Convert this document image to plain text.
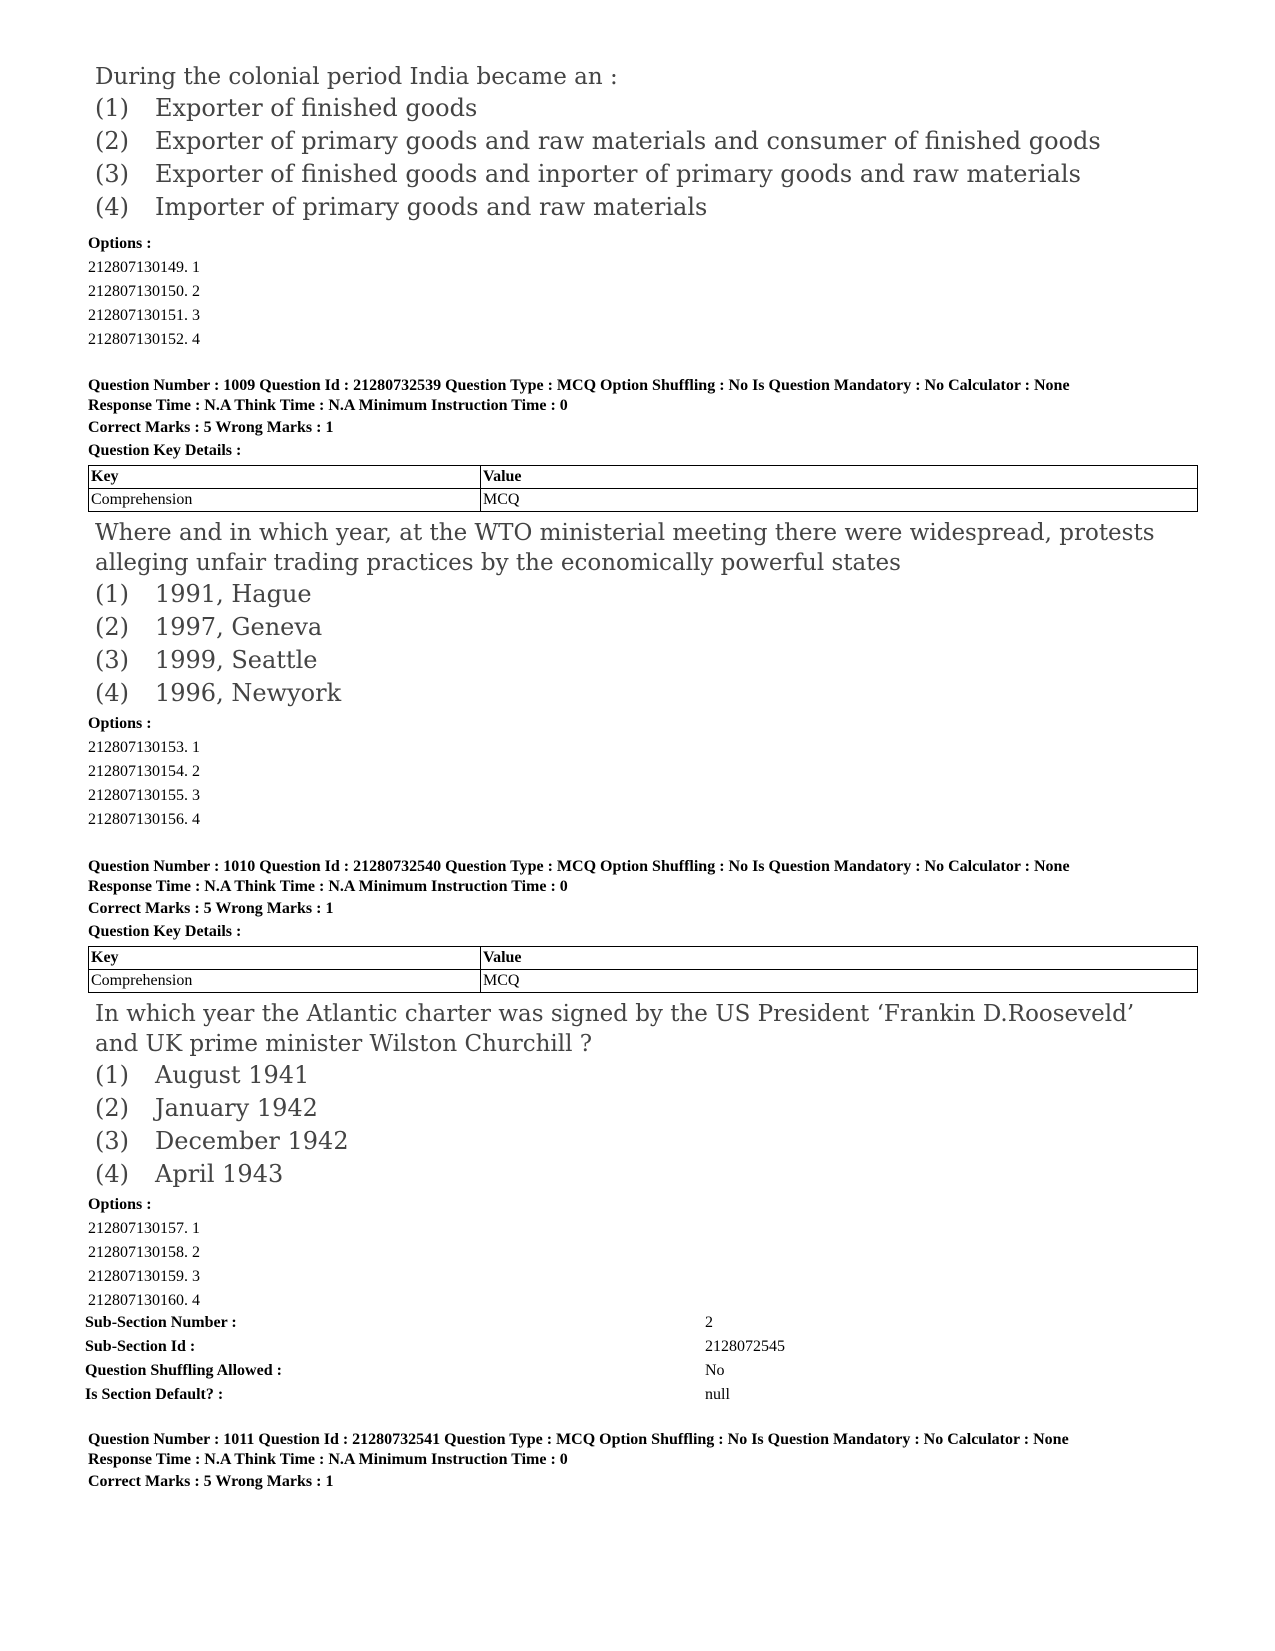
During the colonial period India became an :
(1)	Exporter of finished goods
(2)	Exporter of primary goods and raw materials and consumer of finished goods
(3)	Exporter of finished goods and inporter of primary goods and raw materials
(4)	Importer of primary goods and raw materials
Options :
212807130149. 1
212807130150. 2
212807130151. 3
212807130152. 4
Question Number : 1009 Question Id : 21280732539 Question Type : MCQ Option Shuffling : No Is Question Mandatory : No Calculator : None
Response Time : N.A Think Time : N.A Minimum Instruction Time : 0
Correct Marks : 5 Wrong Marks : 1
Question Key Details :
Key	Value
Comprehension	MCQ
Where and in which year, at the WTO ministerial meeting there were widespread, protests alleging unfair trading practices by the economically powerful states
(1)	1991, Hague
(2)	1997, Geneva
(3)	1999, Seattle
(4)	1996, Newyork
Options :
212807130153. 1
212807130154. 2
212807130155. 3
212807130156. 4
Question Number : 1010 Question Id : 21280732540 Question Type : MCQ Option Shuffling : No Is Question Mandatory : No Calculator : None
Response Time : N.A Think Time : N.A Minimum Instruction Time : 0
Correct Marks : 5 Wrong Marks : 1
Question Key Details :
Key	Value
Comprehension	MCQ
In which year the Atlantic charter was signed by the US President ‘Frankin D.Rooseveld’ and UK prime minister Wilston Churchill ?
(1)	August 1941
(2)	January 1942
(3)	December 1942
(4)	April 1943
Options :
212807130157. 1
212807130158. 2
212807130159. 3
212807130160. 4
Sub-Section Number :	2
Sub-Section Id :	2128072545
Question Shuffling Allowed :	No
Is Section Default? :	null
Question Number : 1011 Question Id : 21280732541 Question Type : MCQ Option Shuffling : No Is Question Mandatory : No Calculator : None
Response Time : N.A Think Time : N.A Minimum Instruction Time : 0
Correct Marks : 5 Wrong Marks : 1
